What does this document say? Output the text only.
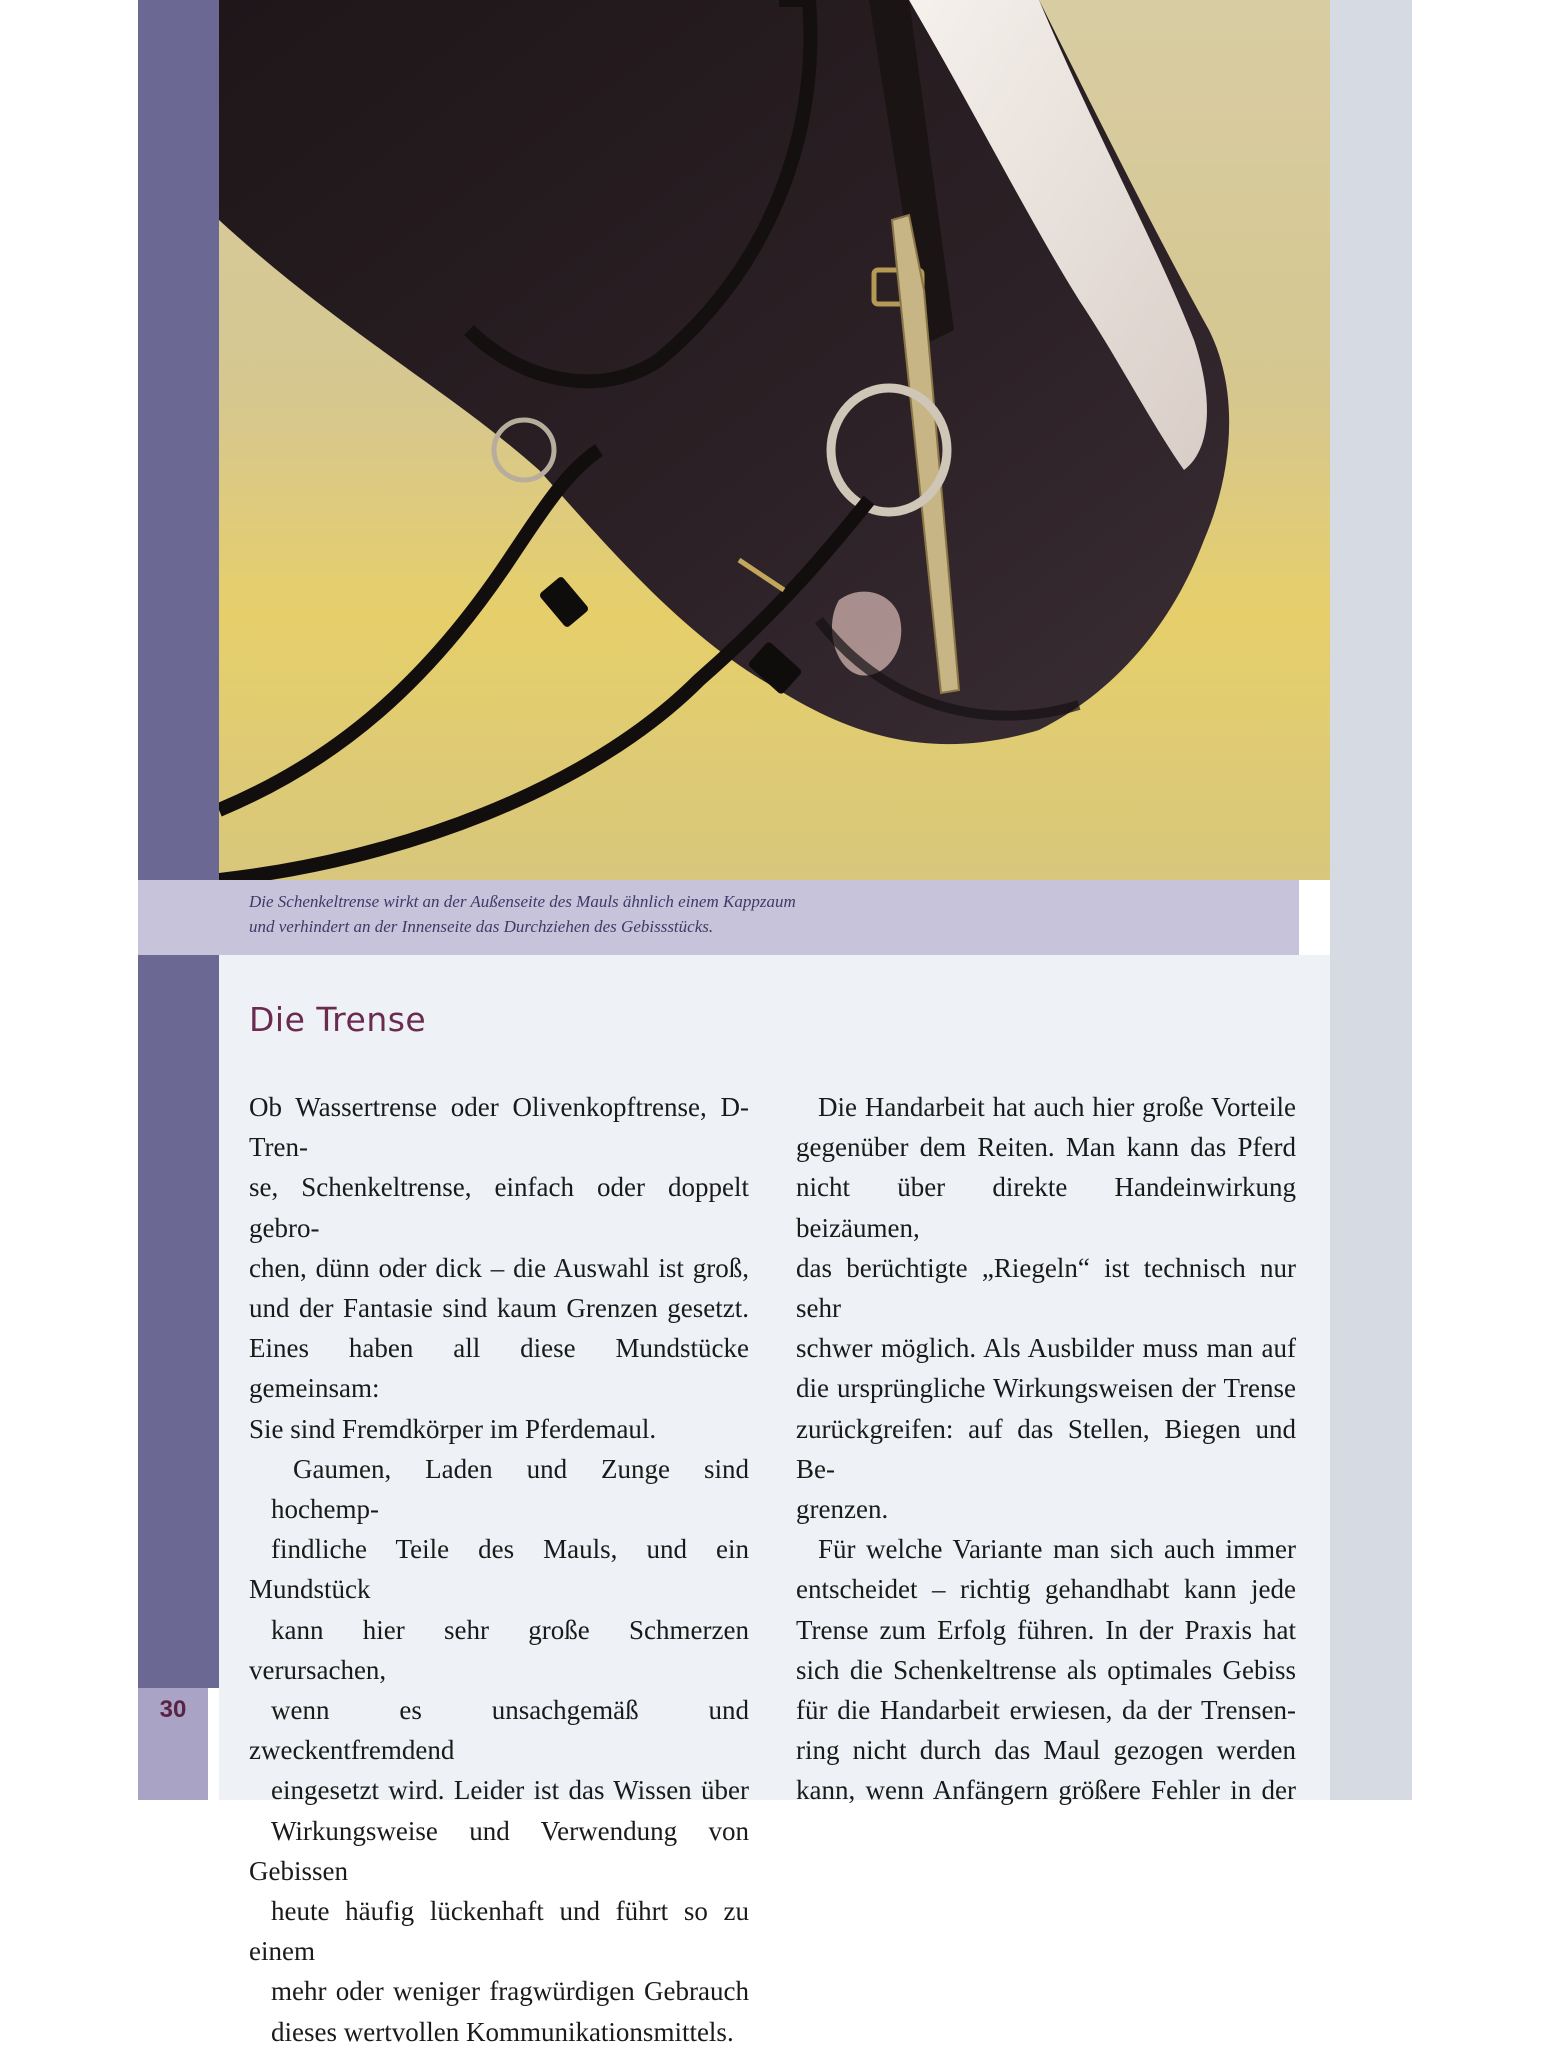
Die Schenkeltrense wirkt an der Außenseite des Mauls ähnlich einem Kappzaum
und verhindert an der Innenseite das Durchziehen des Gebissstücks.
30
Die Trense

Ob Wassertrense oder Olivenkopftrense, D-Tren-
se, Schenkeltrense, einfach oder doppelt gebro-
chen, dünn oder dick – die Auswahl ist groß,
und der Fantasie sind kaum Grenzen gesetzt.
Eines haben all diese Mundstücke gemeinsam:
Sie sind Fremdkörper im Pferdemaul.

Gaumen, Laden und Zunge sind hochemp-
findliche Teile des Mauls, und ein Mundstück
kann hier sehr große Schmerzen verursachen,
wenn es unsachgemäß und zweckentfremdend
eingesetzt wird. Leider ist das Wissen über
Wirkungsweise und Verwendung von Gebissen
heute häufig lückenhaft und führt so zu einem
mehr oder weniger fragwürdigen Gebrauch
dieses wertvollen Kommunikationsmittels.

Die Handarbeit hat auch hier große Vorteile
gegenüber dem Reiten. Man kann das Pferd
nicht über direkte Handeinwirkung beizäumen,
das berüchtigte „Riegeln“ ist technisch nur sehr
schwer möglich. Als Ausbilder muss man auf
die ursprüngliche Wirkungsweisen der Trense
zurückgreifen: auf das Stellen, Biegen und Be-
grenzen.

Für welche Variante man sich auch immer
entscheidet – richtig gehandhabt kann jede
Trense zum Erfolg führen. In der Praxis hat
sich die Schenkeltrense als optimales Gebiss
für die Handarbeit erwiesen, da der Trensen-
ring nicht durch das Maul gezogen werden
kann, wenn Anfängern größere Fehler in der
